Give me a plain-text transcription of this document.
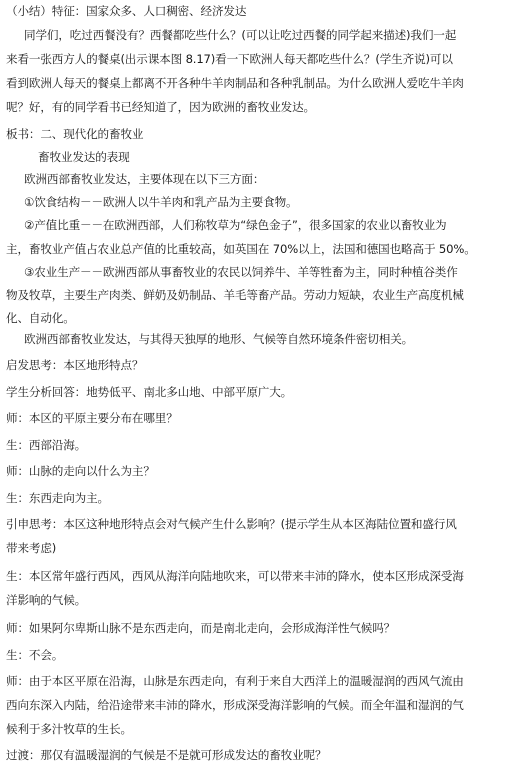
（小结）特征：国家众多、人口稠密、经济发达
同学们，吃过西餐没有？西餐都吃些什么？(可以让吃过西餐的同学起来描述)我们一起
来看一张西方人的餐桌(出示课本图 8.17)看一下欧洲人每天都吃些什么？(学生齐说)可以
看到欧洲人每天的餐桌上都离不开各种牛羊肉制品和各种乳制品。为什么欧洲人爱吃牛羊肉
呢？好，有的同学看书已经知道了，因为欧洲的畜牧业发达。
板书：二、现代化的畜牧业
畜牧业发达的表现
欧洲西部畜牧业发达，主要体现在以下三方面：
①饮食结构－－欧洲人以牛羊肉和乳产品为主要食物。
②产值比重－－在欧洲西部，人们称牧草为“绿色金子”，很多国家的农业以畜牧业为
主，畜牧业产值占农业总产值的比重较高，如英国在 70%以上，法国和德国也略高于 50%。
③农业生产－－欧洲西部从事畜牧业的农民以饲养牛、羊等牲畜为主，同时种植谷类作
物及牧草，主要生产肉类、鲜奶及奶制品、羊毛等畜产品。劳动力短缺，农业生产高度机械
化、自动化。
欧洲西部畜牧业发达，与其得天独厚的地形、气候等自然环境条件密切相关。
启发思考：本区地形特点？
学生分析回答：地势低平、南北多山地、中部平原广大。
师：本区的平原主要分布在哪里？
生：西部沿海。
师：山脉的走向以什么为主？
生：东西走向为主。
引申思考：本区这种地形特点会对气候产生什么影响？(提示学生从本区海陆位置和盛行风
带来考虑)
生：本区常年盛行西风，西风从海洋向陆地吹来，可以带来丰沛的降水，使本区形成深受海
洋影响的气候。
师：如果阿尔卑斯山脉不是东西走向，而是南北走向，会形成海洋性气候吗？
生：不会。
师：由于本区平原在沿海，山脉是东西走向，有利于来自大西洋上的温暖湿润的西风气流由
西向东深入内陆，给沿途带来丰沛的降水，形成深受海洋影响的气候。而全年温和湿润的气
候利于多汁牧草的生长。
过渡：那仅有温暖湿润的气候是不是就可形成发达的畜牧业呢？
